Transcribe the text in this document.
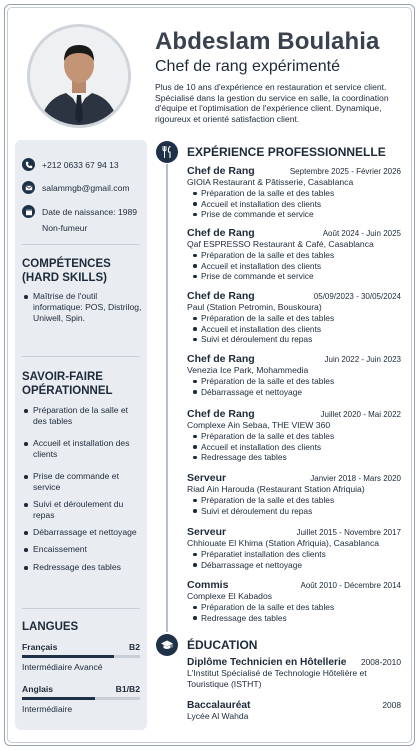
Abdeslam Boulahia
Chef de rang expérimenté
Plus de 10 ans d'expérience en restauration et service client. Spécialisé dans la gestion du service en salle, la coordination d'équipe et l'optimisation de l'expérience client. Dynamique, rigoureux et orienté satisfaction client.
+212 0633 67 94 13
salammgb@gmail.com
Date de naissance: 1989
Non-fumeur
COMPÉTENCES
(HARD SKILLS)
Maîtrise de l'outil informatique: POS, Distrilog, Uniwell, Spin.
SAVOIR-FAIRE
OPÉRATIONNEL
Préparation de la salle et des tables
Accueil et installation des clients
Prise de commande et service
Suivi et déroulement du repas
Débarrassage et nettoyage
Encaissement
Redressage des tables
LANGUES
Français	B2
Intermédiaire Avancé
Anglais	B1/B2
Intermédiaire
EXPÉRIENCE PROFESSIONNELLE
Chef de Rang	Septembre 2025 - Février 2026
GIOIA Restaurant & Pâtisserie, Casablanca
Préparation de la salle et des tables
Accueil et installation des clients
Prise de commande et service
Chef de Rang	Août 2024 - Juin 2025
Qaf ESPRESSO Restaurant & Café, Casablanca
Préparation de la salle et des tables
Accueil et installation des clients
Prise de commande et service
Chef de Rang	05/09/2023 - 30/05/2024
Paul (Station Petromin, Bouskoura)
Préparation de la salle et des tables
Accueil et installation des clients
Suivi et déroulement du repas
Chef de Rang	Juin 2022 - Juin 2023
Venezia Ice Park, Mohammedia
Préparation de la salle et des tables
Débarrassage et nettoyage
Chef de Rang	Juillet 2020 - Mai 2022
Complexe Ain Sebaa, THE VIEW 360
Préparation de la salle et des tables
Accueil et installation des clients
Redressage des tables
Serveur	Janvier 2018 - Mars 2020
Riad Ain Harouda (Restaurant Station Afriquia)
Préparation de la salle et des tables
Suivi et déroulement du repas
Serveur	Juillet 2015 - Novembre 2017
Chhiouate El Khima (Station Afriquia), Casablanca
Préparatiet installation des clients
Débarrassage et nettoyage
Commis	Août 2010 - Décembre 2014
Complexe El Kabados
Préparation de la salle et des tables
Redressage des tables
ÉDUCATION
Diplôme Technicien en Hôtellerie 2008-2010
L'Institut Spécialisé de Technologie Hôtelière et Touristique (ISTHT)
Baccalauréat	2008
Lycée Al Wahda
